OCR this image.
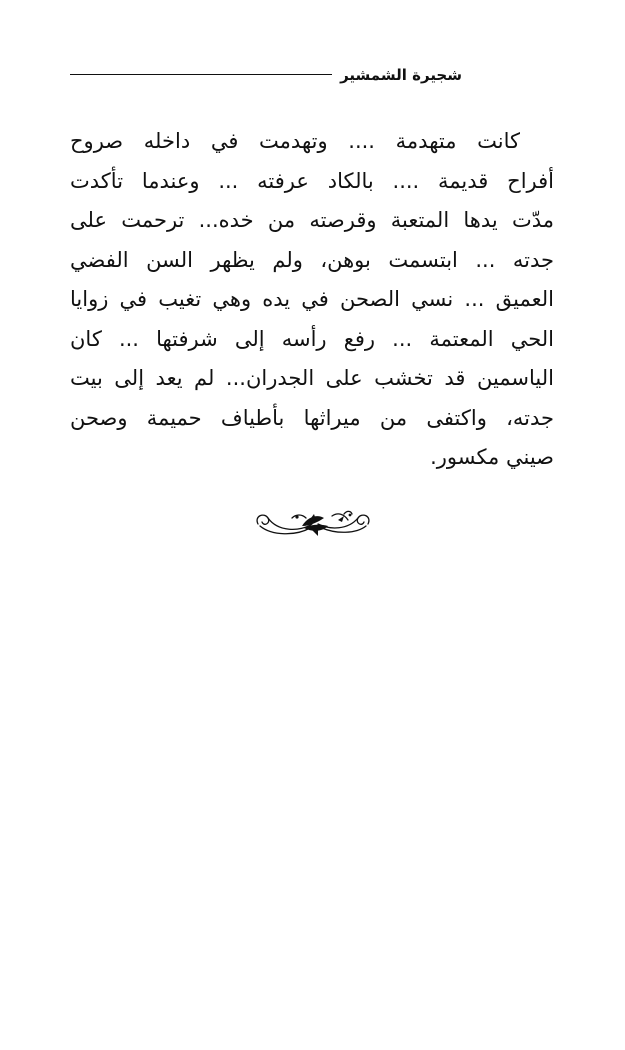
شجيرة الشمشير
كانت متهدمة .... وتهدمت في داخله صروح
أفراح قديمة .... بالكاد عرفته ... وعندما تأكدت
مدّت يدها المتعبة وقرصته من خده... ترحمت على
جدته ... ابتسمت بوهن، ولم يظهر السن الفضي
العميق ... نسي الصحن في يده وهي تغيب في زوايا
الحي المعتمة ... رفع رأسه إلى شرفتها ... كان
الياسمين قد تخشب على الجدران... لم يعد إلى بيت
جدته، واكتفى من ميراثها بأطياف حميمة وصحن
صيني مكسور.
